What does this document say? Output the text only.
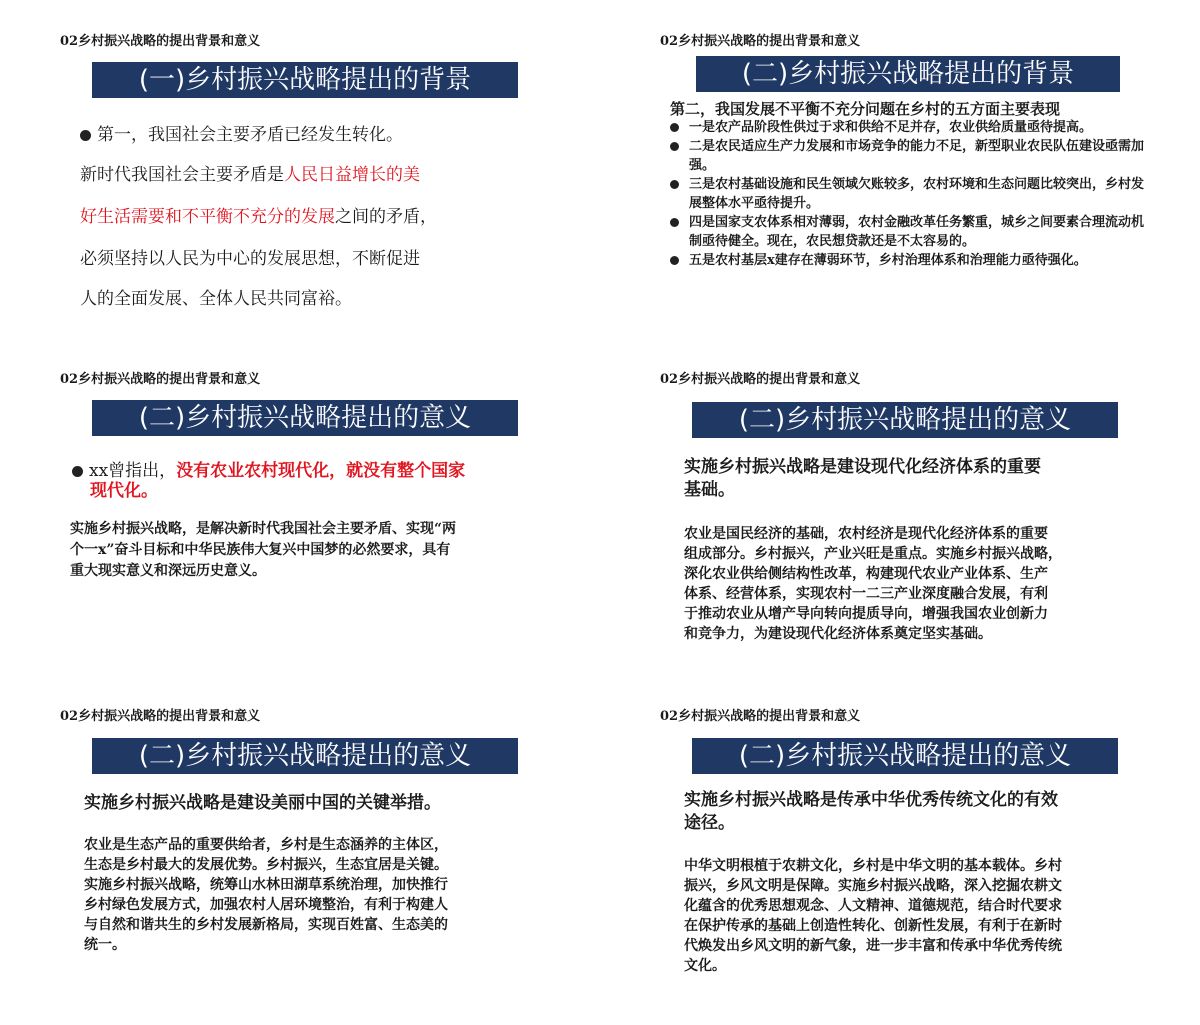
02乡村振兴战略的提出背景和意义
(一)乡村振兴战略提出的背景
第一，我国社会主要矛盾已经发生转化。
新时代我国社会主要矛盾是人民日益增长的美
好生活需要和不平衡不充分的发展之间的矛盾，
必须坚持以人民为中心的发展思想，不断促进
人的全面发展、全体人民共同富裕。
02乡村振兴战略的提出背景和意义
(二)乡村振兴战略提出的背景
第二，我国发展不平衡不充分问题在乡村的五方面主要表现
一是农产品阶段性供过于求和供给不足并存，农业供给质量亟待提高。
二是农民适应生产力发展和市场竞争的能力不足，新型职业农民队伍建设亟需加强。
三是农村基础设施和民生领域欠账较多，农村环境和生态问题比较突出，乡村发展整体水平亟待提升。
四是国家支农体系相对薄弱，农村金融改革任务繁重，城乡之间要素合理流动机制亟待健全。现在，农民想贷款还是不太容易的。
五是农村基层x建存在薄弱环节，乡村治理体系和治理能力亟待强化。
02乡村振兴战略的提出背景和意义
(二)乡村振兴战略提出的意义
xx曾指出，没有农业农村现代化，就没有整个国家
现代化。
实施乡村振兴战略，是解决新时代我国社会主要矛盾、实现“两
个一x”奋斗目标和中华民族伟大复兴中国梦的必然要求，具有
重大现实意义和深远历史意义。
02乡村振兴战略的提出背景和意义
(二)乡村振兴战略提出的意义
实施乡村振兴战略是建设现代化经济体系的重要
基础。
农业是国民经济的基础，农村经济是现代化经济体系的重要
组成部分。乡村振兴，产业兴旺是重点。实施乡村振兴战略，
深化农业供给侧结构性改革，构建现代农业产业体系、生产
体系、经营体系，实现农村一二三产业深度融合发展，有利
于推动农业从增产导向转向提质导向，增强我国农业创新力
和竞争力，为建设现代化经济体系奠定坚实基础。
02乡村振兴战略的提出背景和意义
(二)乡村振兴战略提出的意义
实施乡村振兴战略是建设美丽中国的关键举措。
农业是生态产品的重要供给者，乡村是生态涵养的主体区，
生态是乡村最大的发展优势。乡村振兴，生态宜居是关键。
实施乡村振兴战略，统筹山水林田湖草系统治理，加快推行
乡村绿色发展方式，加强农村人居环境整治，有利于构建人
与自然和谐共生的乡村发展新格局，实现百姓富、生态美的
统一。
02乡村振兴战略的提出背景和意义
(二)乡村振兴战略提出的意义
实施乡村振兴战略是传承中华优秀传统文化的有效
途径。
中华文明根植于农耕文化，乡村是中华文明的基本载体。乡村
振兴，乡风文明是保障。实施乡村振兴战略，深入挖掘农耕文
化蕴含的优秀思想观念、人文精神、道德规范，结合时代要求
在保护传承的基础上创造性转化、创新性发展，有利于在新时
代焕发出乡风文明的新气象，进一步丰富和传承中华优秀传统
文化。
